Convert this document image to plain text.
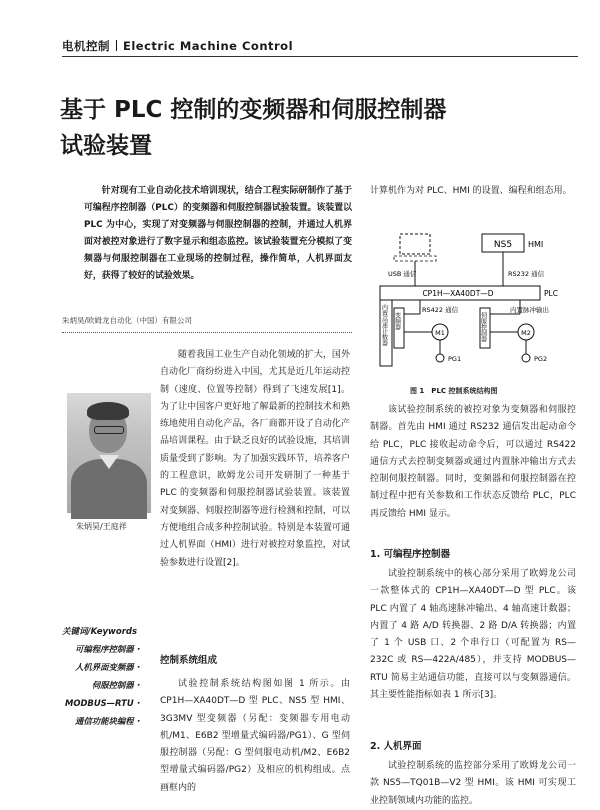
电机控制 Electric Machine Control
基于 PLC 控制的变频器和伺服控制器
试验装置
针对现有工业自动化技术培训现状，结合工程实际研制作了基于可编程序控制器（PLC）的变频器和伺服控制器试验装置。该装置以 PLC 为中心，实现了对变频器与伺服控制器的控制，并通过人机界面对被控对象进行了数字显示和组态监控。该试验装置充分模拟了变频器与伺服控制器在工业现场的控制过程，操作简单，人机界面友好，获得了较好的试验效果。
朱炳昊/欧姆龙自动化（中国）有限公司
朱炳昊/王庭祥
关键词/Keywords
可编程序控制器・
人机界面变频器・
伺服控制器・
MODBUS—RTU・
通信功能块编程・
随着我国工业生产自动化领域的扩大，国外自动化厂商纷纷进入中国，尤其是近几年运动控制（速度、位置等控制）得到了飞速发展[1]。为了让中国客户更好地了解最新的控制技术和熟练地使用自动化产品，各厂商都开设了自动化产品培训课程。由于缺乏良好的试验设施，其培训质量受到了影响。为了加强实践环节，培养客户的工程意识，欧姆龙公司开发研制了一种基于 PLC 的变频器和伺服控制器试验装置。该装置对变频器、伺服控制器等进行检测和控制，可以方便地组合成多种控制试验。特别是本装置可通过人机界面（HMI）进行对被控对象监控，对试验参数进行设置[2]。
控制系统组成
试验控制系统结构图如图 1 所示。由 CP1H—XA40DT—D 型 PLC、NS5 型 HMI、3G3MV 型变频器（另配：变频器专用电动机/M1、E6B2 型增量式编码器/PG1）、G 型伺服控制器（另配：G 型伺服电动机/M2、E6B2 型增量式编码器/PG2）及相应的机构组成。点画框内的
计算机作为对 PLC、HMI 的设置、编程和组态用。
NS5 HMI
USB 通信	RS232 通信
CP1H—XA40DT—D	PLC
内置高速计数器 变频器	伺服控制器
RS422 通信	内置脉冲输出
M1	M2
PG1	PG2
图 1　PLC 控制系统结构图
该试验控制系统的被控对象为变频器和伺服控制器。首先由 HMI 通过 RS232 通信发出起动命令给 PLC，PLC 接收起动命令后，可以通过 RS422 通信方式去控制变频器或通过内置脉冲输出方式去控制伺服控制器。同时，变频器和伺服控制器在控制过程中把有关参数和工作状态反馈给 PLC，PLC 再反馈给 HMI 显示。
1. 可编程序控制器
试验控制系统中的核心部分采用了欧姆龙公司一款整体式的 CP1H—XA40DT—D 型 PLC。该 PLC 内置了 4 轴高速脉冲输出、4 轴高速计数器；内置了 4 路 A/D 转换器、2 路 D/A 转换器；内置了 1 个 USB 口、2 个串行口（可配置为 RS—232C 或 RS—422A/485），并支持 MODBUS—RTU 简易主站通信功能，直接可以与变频器通信。其主要性能指标如表 1 所示[3]。
2. 人机界面
试验控制系统的监控部分采用了欧姆龙公司一款 NS5—TQ01B—V2 型 HMI。该 HMI 可实现工业控制领域内功能的监控。
